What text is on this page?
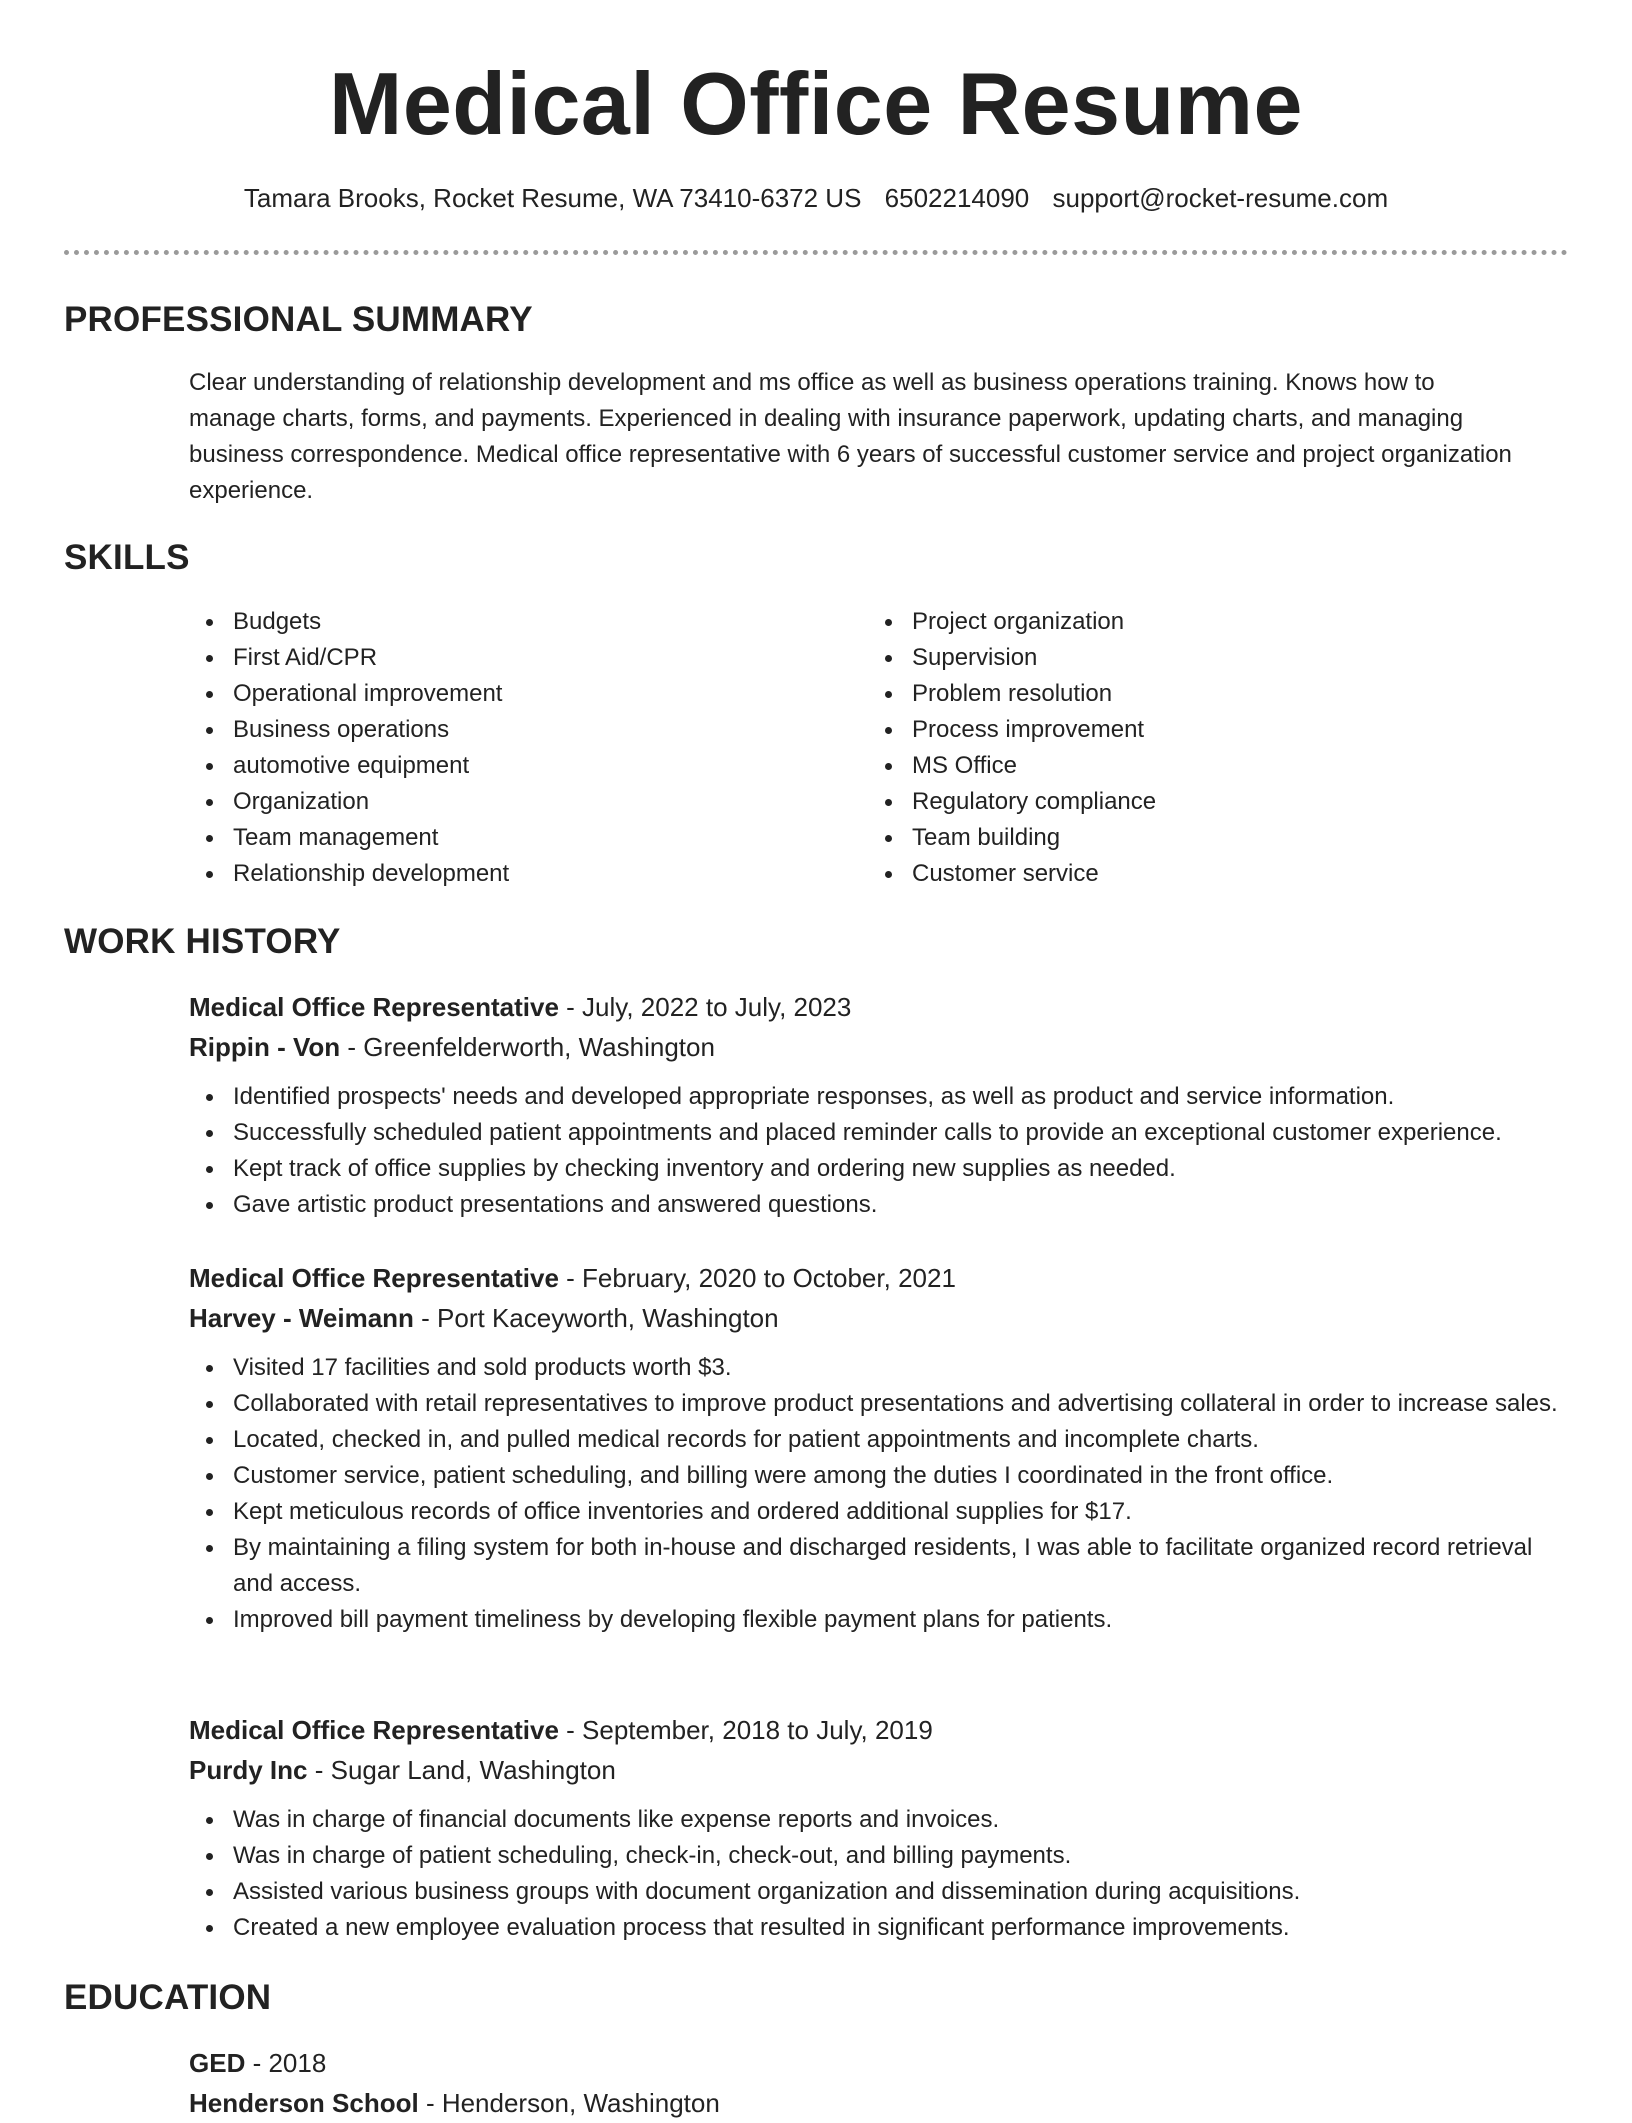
Medical Office Resume
Tamara Brooks, Rocket Resume, WA 73410-6372 US 6502214090 support@rocket-resume.com
PROFESSIONAL SUMMARY
Clear understanding of relationship development and ms office as well as business operations training. Knows how to manage charts, forms, and payments. Experienced in dealing with insurance paperwork, updating charts, and managing business correspondence. Medical office representative with 6 years of successful customer service and project organization experience.
SKILLS
Budgets
First Aid/CPR
Operational improvement
Business operations
automotive equipment
Organization
Team management
Relationship development
Project organization
Supervision
Problem resolution
Process improvement
MS Office
Regulatory compliance
Team building
Customer service
WORK HISTORY
Medical Office Representative - July, 2022 to July, 2023
Rippin - Von - Greenfelderworth, Washington
Identified prospects' needs and developed appropriate responses, as well as product and service information.
Successfully scheduled patient appointments and placed reminder calls to provide an exceptional customer experience.
Kept track of office supplies by checking inventory and ordering new supplies as needed.
Gave artistic product presentations and answered questions.
Medical Office Representative - February, 2020 to October, 2021
Harvey - Weimann - Port Kaceyworth, Washington
Visited 17 facilities and sold products worth $3.
Collaborated with retail representatives to improve product presentations and advertising collateral in order to increase sales.
Located, checked in, and pulled medical records for patient appointments and incomplete charts.
Customer service, patient scheduling, and billing were among the duties I coordinated in the front office.
Kept meticulous records of office inventories and ordered additional supplies for $17.
By maintaining a filing system for both in-house and discharged residents, I was able to facilitate organized record retrieval and access.
Improved bill payment timeliness by developing flexible payment plans for patients.
Medical Office Representative - September, 2018 to July, 2019
Purdy Inc - Sugar Land, Washington
Was in charge of financial documents like expense reports and invoices.
Was in charge of patient scheduling, check-in, check-out, and billing payments.
Assisted various business groups with document organization and dissemination during acquisitions.
Created a new employee evaluation process that resulted in significant performance improvements.
EDUCATION
GED - 2018
Henderson School - Henderson, Washington
